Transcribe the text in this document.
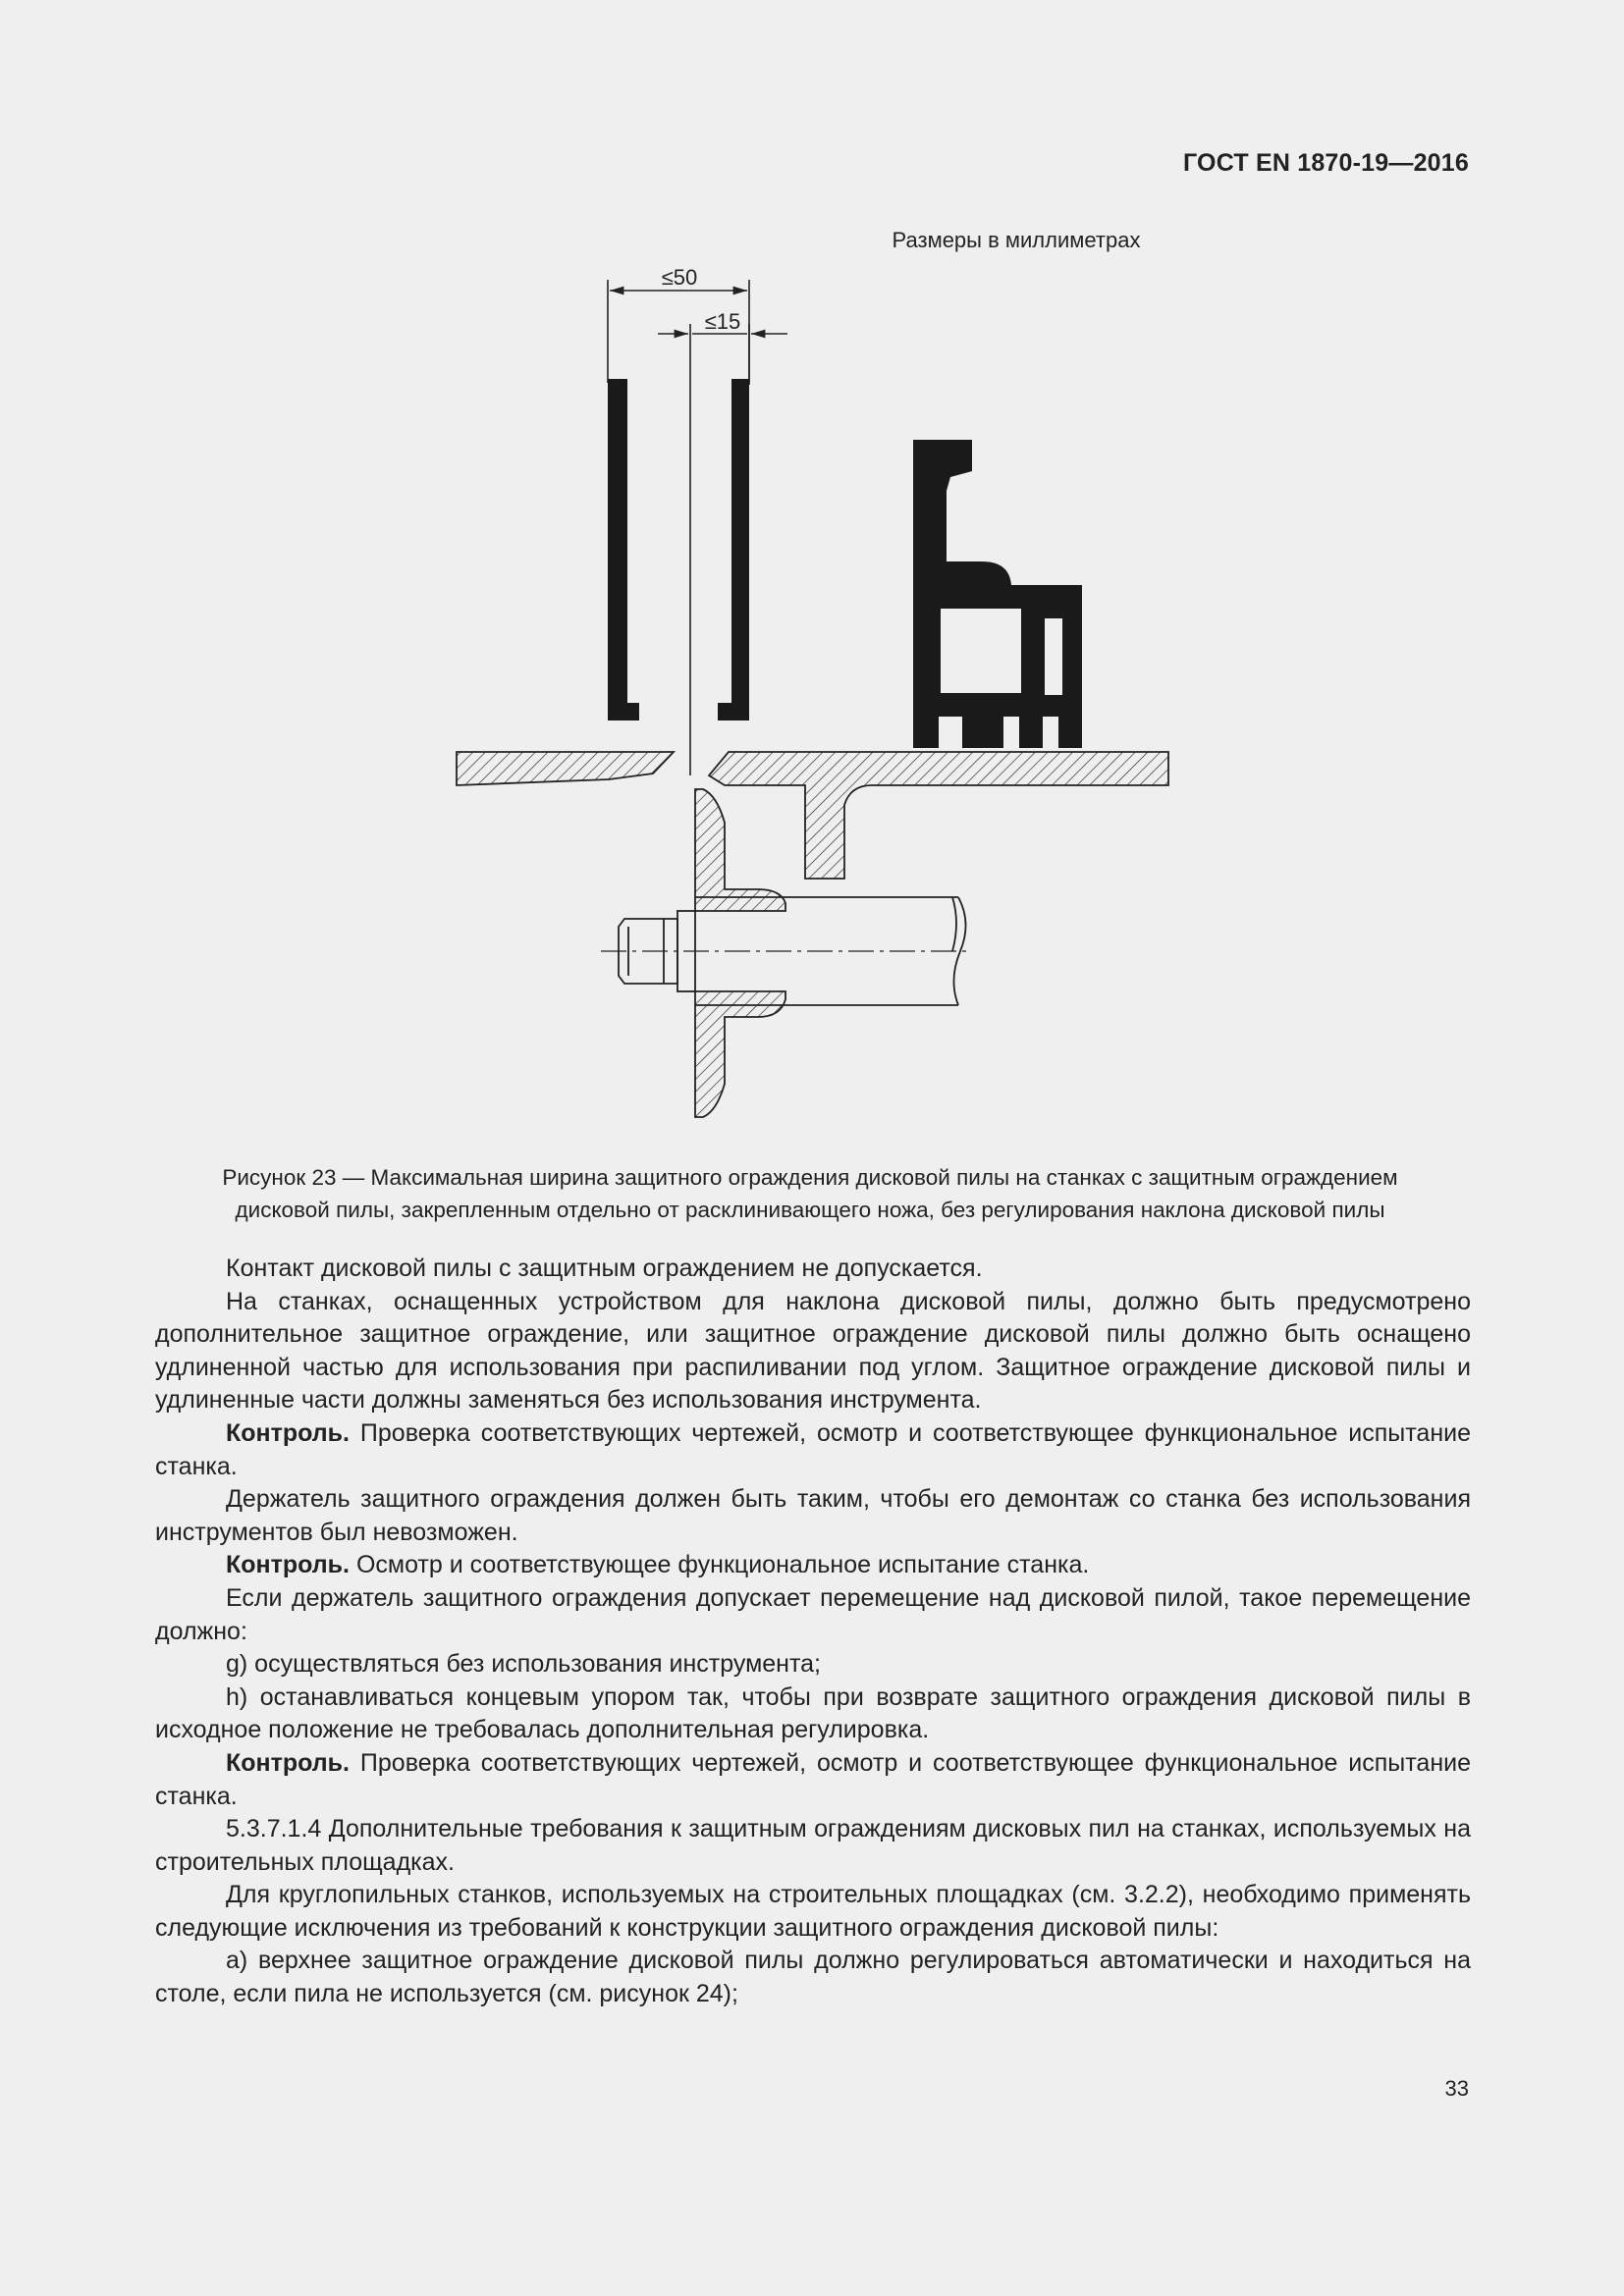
ГОСТ EN 1870-19—2016
Размеры в миллиметрах
≤50
≤15
Рисунок 23 — Максимальная ширина защитного ограждения дисковой пилы на станках с защитным ограждением
дисковой пилы, закрепленным отдельно от расклинивающего ножа, без регулирования наклона дисковой пилы

Контакт дисковой пилы с защитным ограждением не допускается.

На станках, оснащенных устройством для наклона дисковой пилы, должно быть предусмотрено дополнительное защитное ограждение, или защитное ограждение дисковой пилы должно быть оснащено удлиненной частью для использования при распиливании под углом. Защитное ограждение дисковой пилы и удлиненные части должны заменяться без использования инструмента.

Контроль. Проверка соответствующих чертежей, осмотр и соответствующее функциональное испытание станка.

Держатель защитного ограждения должен быть таким, чтобы его демонтаж со станка без использования инструментов был невозможен.

Контроль. Осмотр и соответствующее функциональное испытание станка.

Если держатель защитного ограждения допускает перемещение над дисковой пилой, такое перемещение должно:

g) осуществляться без использования инструмента;

h) останавливаться концевым упором так, чтобы при возврате защитного ограждения дисковой пилы в исходное положение не требовалась дополнительная регулировка.

Контроль. Проверка соответствующих чертежей, осмотр и соответствующее функциональное испытание станка.

5.3.7.1.4 Дополнительные требования к защитным ограждениям дисковых пил на станках, используемых на строительных площадках.

Для круглопильных станков, используемых на строительных площадках (см. 3.2.2), необходимо применять следующие исключения из требований к конструкции защитного ограждения дисковой пилы:

а) верхнее защитное ограждение дисковой пилы должно регулироваться автоматически и находиться на столе, если пила не используется (см. рисунок 24);

33
